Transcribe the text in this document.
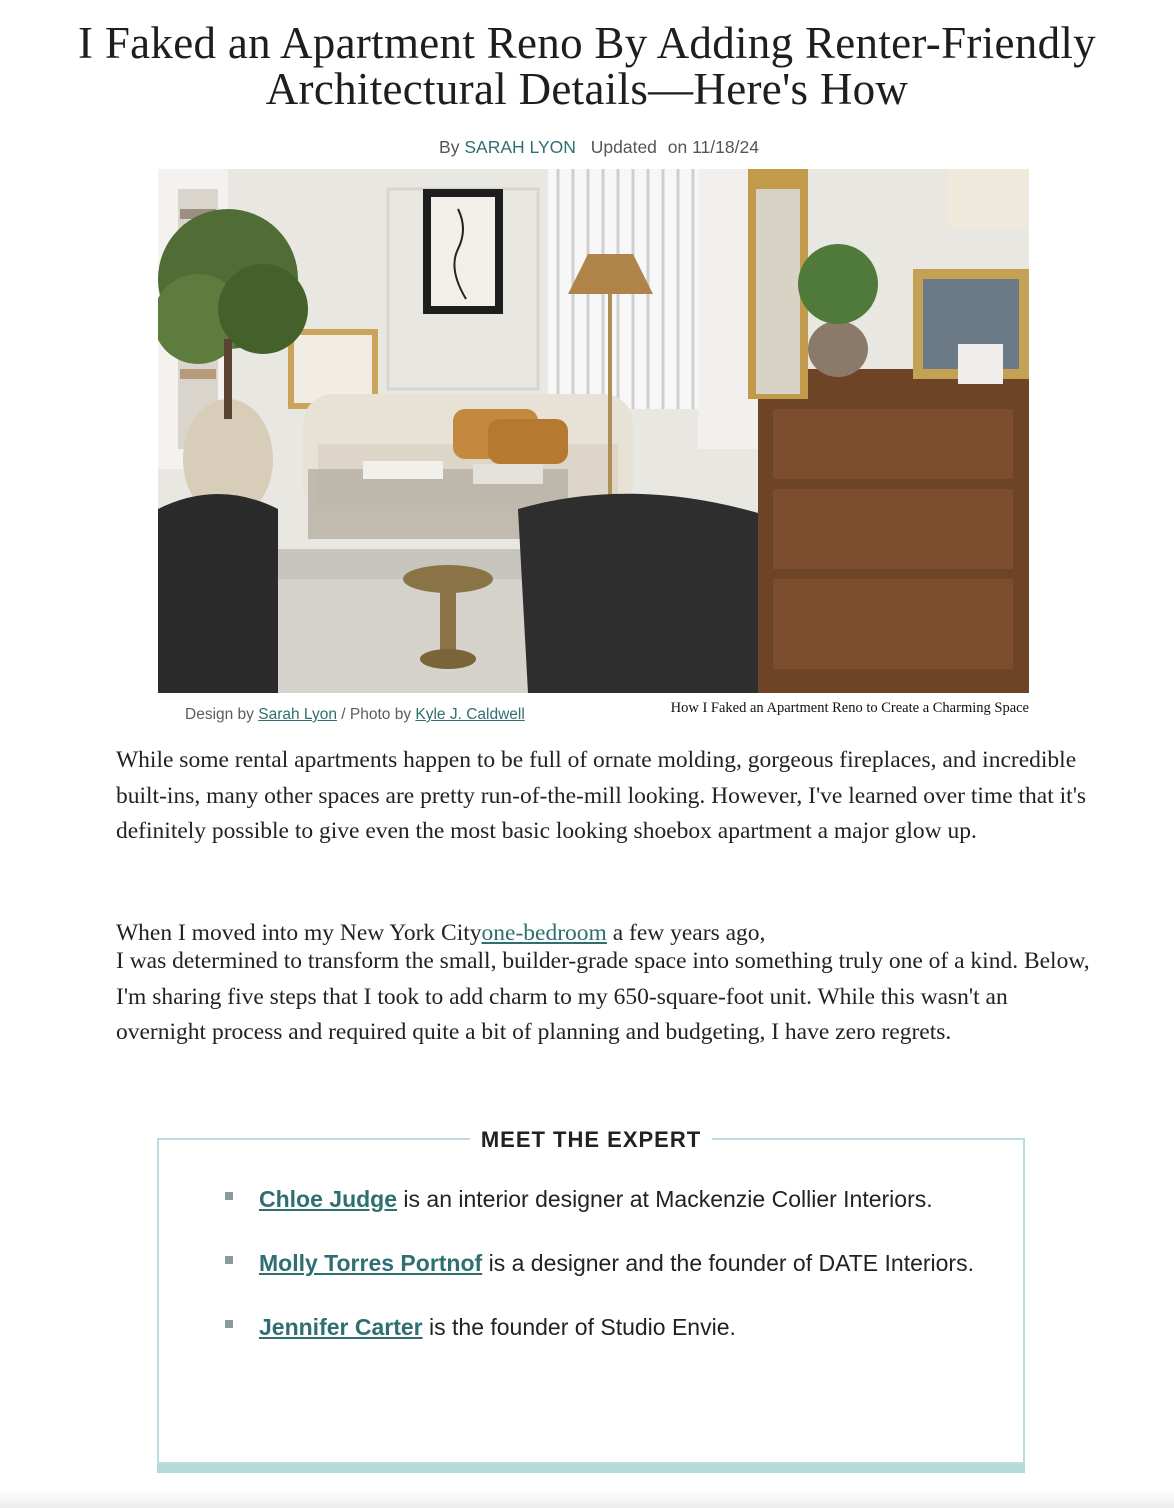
I Faked an Apartment Reno By Adding Renter-Friendly Architectural Details—Here's How
By SARAH LYON Updated on 11/18/24
Design by Sarah Lyon / Photo by Kyle J. Caldwell	How I Faked an Apartment Reno to Create a Charming Space

While some rental apartments happen to be full of ornate molding, gorgeous fireplaces, and incredible built-ins, many other spaces are pretty run-of-the-mill looking. However, I've learned over time that it's definitely possible to give even the most basic looking shoebox apartment a major glow up.

When I moved into my New York Cityone-bedroom a few years ago,

I was determined to transform the small, builder-grade space into something truly one of a kind. Below, I'm sharing five steps that I took to add charm to my 650-square-foot unit. While this wasn't an overnight process and required quite a bit of planning and budgeting, I have zero regrets.

MEET THE EXPERT
Chloe Judge is an interior designer at Mackenzie Collier Interiors.
Molly Torres Portnof is a designer and the founder of DATE Interiors.
Jennifer Carter is the founder of Studio Envie.
